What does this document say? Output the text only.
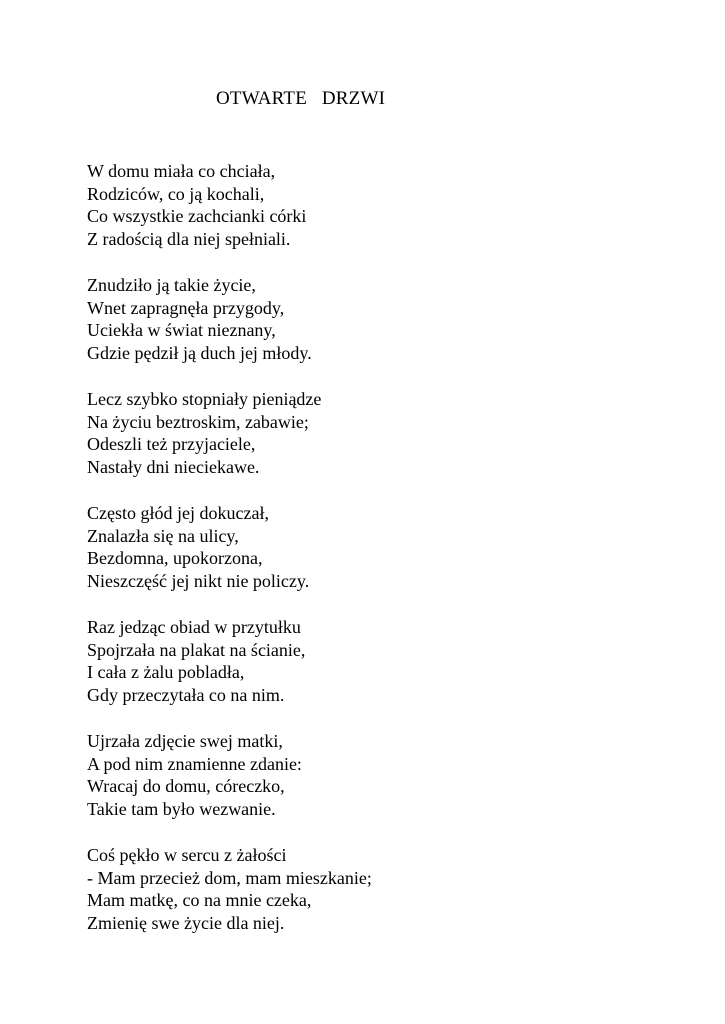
OTWARTE   DRZWI
W domu miała co chciała,
Rodziców, co ją kochali,
Co wszystkie zachcianki córki
Z radością dla niej spełniali.
Znudziło ją takie życie,
Wnet zapragnęła przygody,
Uciekła w świat nieznany,
Gdzie pędził ją duch jej młody.
Lecz szybko stopniały pieniądze
Na życiu beztroskim, zabawie;
Odeszli też przyjaciele,
Nastały dni nieciekawe.
Często głód jej dokuczał,
Znalazła się na ulicy,
Bezdomna, upokorzona,
Nieszczęść jej nikt nie policzy.
Raz jedząc obiad w przytułku
Spojrzała na plakat na ścianie,
I cała z żalu pobladła,
Gdy przeczytała co na nim.
Ujrzała zdjęcie swej matki,
A pod nim znamienne zdanie:
Wracaj do domu, córeczko,
Takie tam było wezwanie.
Coś pękło w sercu z żałości
- Mam przecież dom, mam mieszkanie;
Mam matkę, co na mnie czeka,
Zmienię swe życie dla niej.
